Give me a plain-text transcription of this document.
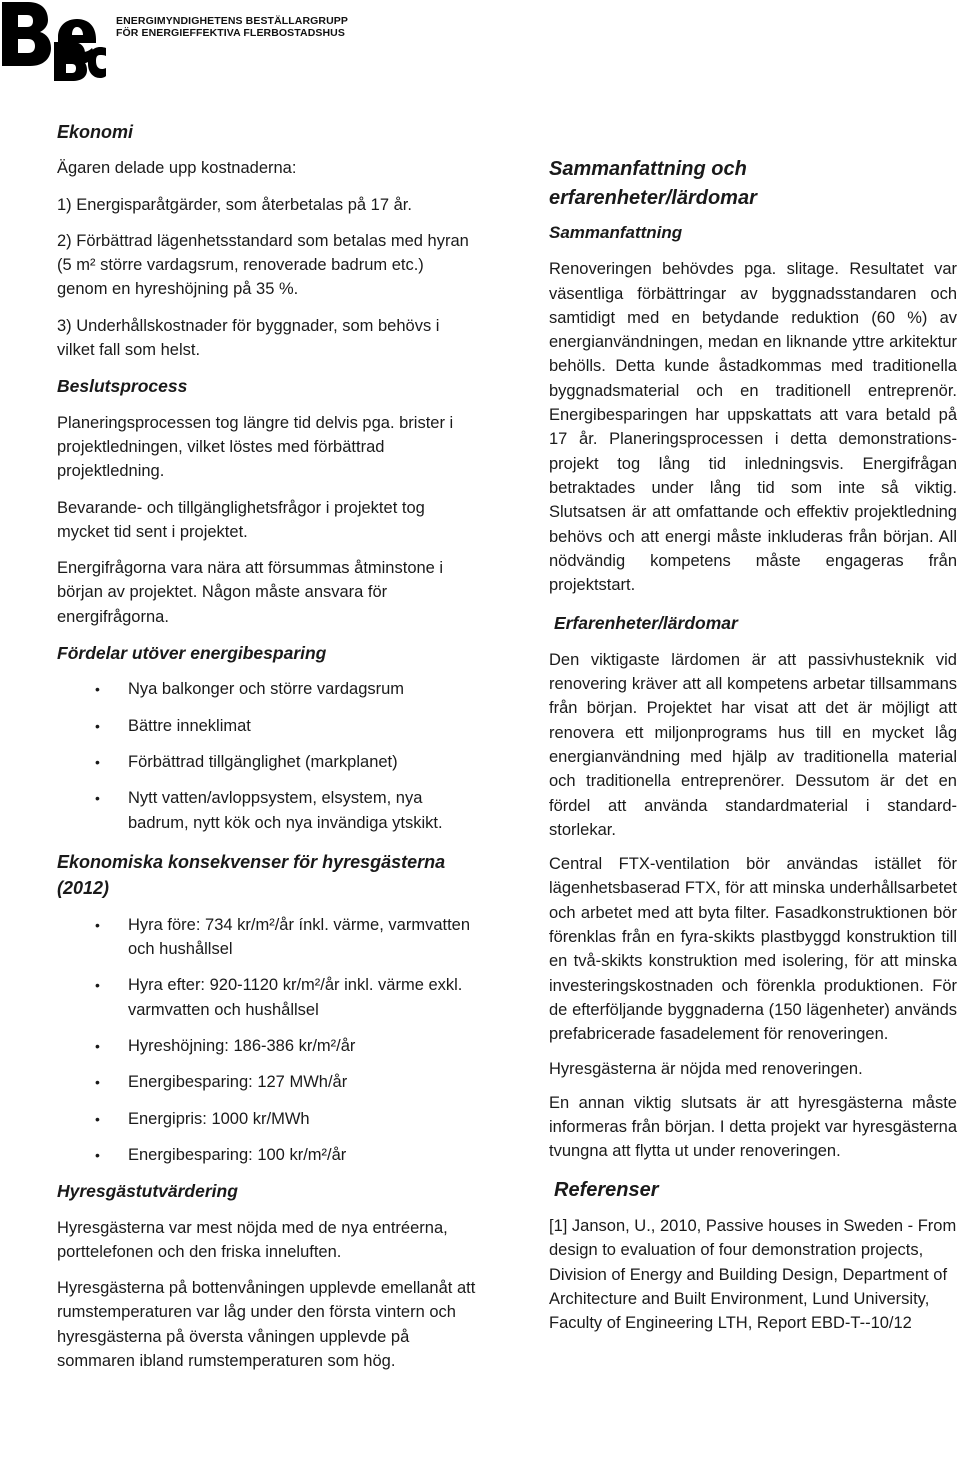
ENERGIMYNDIGHETENS BESTÄLLARGRUPP
FÖR ENERGIEFFEKTIVA FLERBOSTADSHUS
Ekonomi
Ägaren delade upp kostnaderna:
1) Energisparåtgärder, som återbetalas på 17 år.
2) Förbättrad lägenhetsstandard som betalas med hyran (5 m² större vardagsrum, renoverade badrum etc.) genom en hyreshöjning på 35 %.
3) Underhållskostnader för byggnader, som behövs i vilket fall som helst.
Beslutsprocess
Planeringsprocessen tog längre tid delvis pga. brister i projektledningen, vilket löstes med förbättrad projektledning.
Bevarande- och tillgänglighetsfrågor i projektet tog mycket tid sent i projektet.
Energifrågorna vara nära att försummas åtminstone i början av projektet. Någon måste ansvara för energifrågorna.
Fördelar utöver energibesparing
• Nya balkonger och större vardagsrum
• Bättre inneklimat
• Förbättrad tillgänglighet (markplanet)
• Nytt vatten/avloppsystem, elsystem, nya badrum, nytt kök och nya invändiga ytskikt.
Ekonomiska konsekvenser för hyresgästerna (2012)
• Hyra före: 734 kr/m²/år ínkl. värme, varmvatten och hushållsel
• Hyra efter: 920-1120 kr/m²/år inkl. värme exkl. varmvatten och hushållsel
• Hyreshöjning: 186-386 kr/m²/år
• Energibesparing: 127 MWh/år
• Energipris: 1000 kr/MWh
• Energibesparing: 100 kr/m²/år
Hyresgästutvärdering
Hyresgästerna var mest nöjda med de nya entréerna, porttelefonen och den friska inneluften.
Hyresgästerna på bottenvåningen upplevde emellanåt att rumstemperaturen var låg under den första vintern och hyresgästerna på översta våningen upplevde på sommaren ibland rumstemperaturen som hög.
Sammanfattning och erfarenheter/lärdomar
Sammanfattning
Renoveringen behövdes pga. slitage. Resultatet var väsentliga förbättringar av byggnadsstandaren och samtidigt med en betydande reduktion (60 %) av energianvändningen, medan en liknande yttre arkitektur behölls. Detta kunde åstadkommas med traditionella byggnadsmaterial och en traditionell entreprenör. Energibesparingen har uppskattats att vara betald på 17 år. Planeringsprocessen i detta demonstrations-projekt tog lång tid inledningsvis. Energifrågan betraktades under lång tid som inte så viktig. Slutsatsen är att omfattande och effektiv projektledning behövs och att energi måste inkluderas från början. All nödvändig kompetens måste engageras från projektstart.
Erfarenheter/lärdomar
Den viktigaste lärdomen är att passivhusteknik vid renovering kräver att all kompetens arbetar tillsammans från början. Projektet har visat att det är möjligt att renovera ett miljonprograms hus till en mycket låg energianvändning med hjälp av traditionella material och traditionella entreprenörer. Dessutom är det en fördel att använda standardmaterial i standard-storlekar.
Central FTX-ventilation bör användas istället för lägenhetsbaserad FTX, för att minska underhållsarbetet och arbetet med att byta filter. Fasadkonstruktionen bör förenklas från en fyra-skikts plastbyggd konstruktion till en två-skikts konstruktion med isolering, för att minska investeringskostnaden och förenkla produktionen. För de efterföljande byggnaderna (150 lägenheter) används prefabricerade fasadelement för renoveringen.
Hyresgästerna är nöjda med renoveringen.
En annan viktig slutsats är att hyresgästerna måste informeras från början. I detta projekt var hyresgästerna tvungna att flytta ut under renoveringen.
Referenser
[1] Janson, U., 2010, Passive houses in Sweden - From design to evaluation of four demonstration projects, Division of Energy and Building Design, Department of Architecture and Built Environment, Lund University, Faculty of Engineering LTH, Report EBD-T--10/12
